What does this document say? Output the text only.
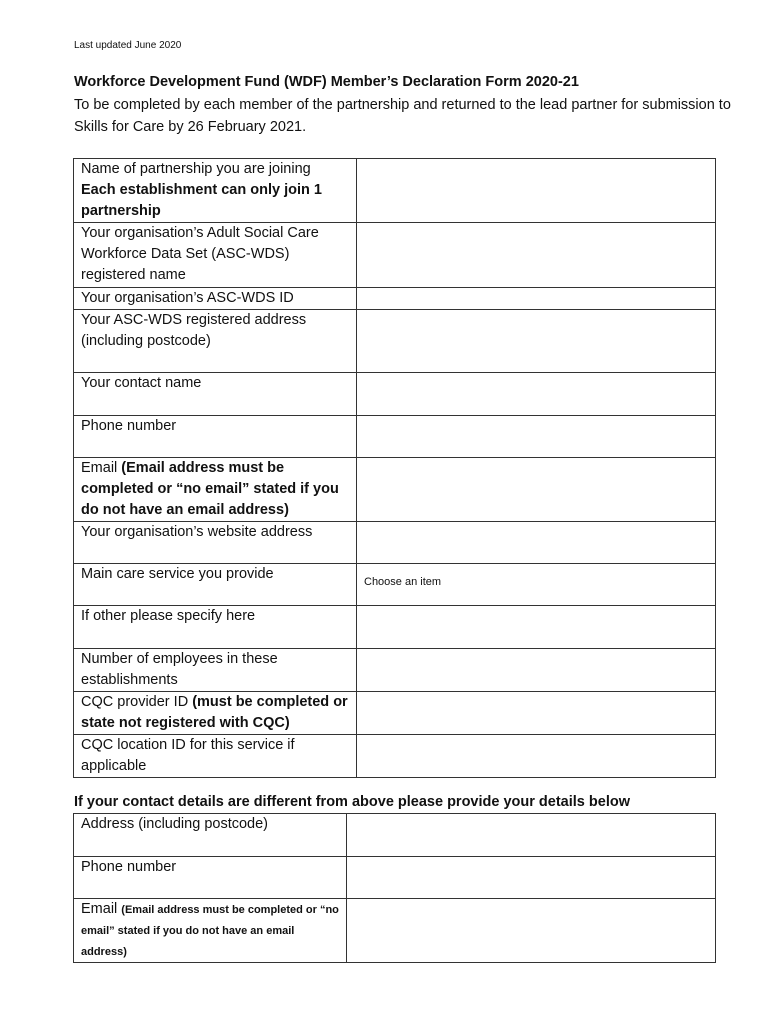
Last updated June 2020
Workforce Development Fund (WDF) Member’s Declaration Form 2020-21
To be completed by each member of the partnership and returned to the lead partner for submission to Skills for Care by 26 February 2021.
Name of partnership you are joining
Each establishment can only join 1 partnership	
Your organisation’s Adult Social Care Workforce Data Set (ASC-WDS) registered name	
Your organisation’s ASC-WDS ID	
Your ASC-WDS registered address (including postcode)	
Your contact name	
Phone number	
Email (Email address must be completed or “no email” stated if you do not have an email address)	
Your organisation’s website address	
Main care service you provide	Choose an item
If other please specify here	
Number of employees in these establishments	
CQC provider ID (must be completed or state not registered with CQC)	
CQC location ID for this service if applicable	
If your contact details are different from above please provide your details below
Address (including postcode)	
Phone number	
Email (Email address must be completed or “no email” stated if you do not have an email address)	
